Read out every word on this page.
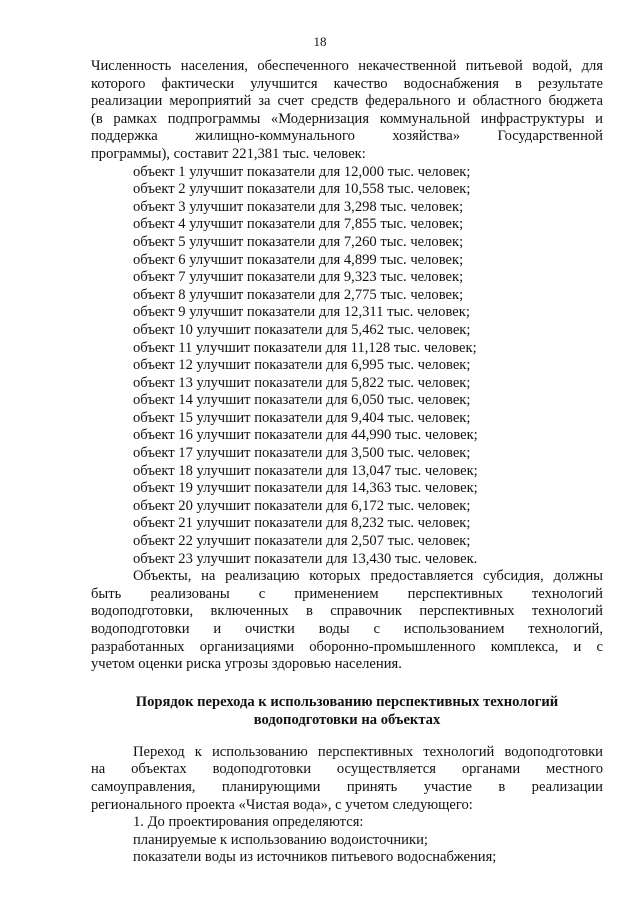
18
Численность населения, обеспеченного некачественной питьевой водой, для
которого фактически улучшится качество водоснабжения в результате
реализации мероприятий за счет средств федерального и областного бюджета
(в рамках подпрограммы «Модернизация коммунальной инфраструктуры и
поддержка жилищно-коммунального хозяйства» Государственной
программы), составит 221,381 тыс. человек:
объект 1 улучшит показатели для 12,000 тыс. человек;
объект 2 улучшит показатели для 10,558 тыс. человек;
объект 3 улучшит показатели для 3,298 тыс. человек;
объект 4 улучшит показатели для 7,855 тыс. человек;
объект 5 улучшит показатели для 7,260 тыс. человек;
объект 6 улучшит показатели для 4,899 тыс. человек;
объект 7 улучшит показатели для 9,323 тыс. человек;
объект 8 улучшит показатели для 2,775 тыс. человек;
объект 9 улучшит показатели для 12,311 тыс. человек;
объект 10 улучшит показатели для 5,462 тыс. человек;
объект 11 улучшит показатели для 11,128 тыс. человек;
объект 12 улучшит показатели для 6,995 тыс. человек;
объект 13 улучшит показатели для 5,822 тыс. человек;
объект 14 улучшит показатели для 6,050 тыс. человек;
объект 15 улучшит показатели для 9,404 тыс. человек;
объект 16 улучшит показатели для 44,990 тыс. человек;
объект 17 улучшит показатели для 3,500 тыс. человек;
объект 18 улучшит показатели для 13,047 тыс. человек;
объект 19 улучшит показатели для 14,363 тыс. человек;
объект 20 улучшит показатели для 6,172 тыс. человек;
объект 21 улучшит показатели для 8,232 тыс. человек;
объект 22 улучшит показатели для 2,507 тыс. человек;
объект 23 улучшит показатели для 13,430 тыс. человек.
Объекты, на реализацию которых предоставляется субсидия, должны
быть реализованы с применением перспективных технологий
водоподготовки, включенных в справочник перспективных технологий
водоподготовки и очистки воды с использованием технологий,
разработанных организациями оборонно-промышленного комплекса, и с
учетом оценки риска угрозы здоровью населения.
Порядок перехода к использованию перспективных технологий
водоподготовки на объектах
Переход к использованию перспективных технологий водоподготовки
на объектах водоподготовки осуществляется органами местного
самоуправления, планирующими принять участие в реализации
регионального проекта «Чистая вода», с учетом следующего:
1. До проектирования определяются:
планируемые к использованию водоисточники;
показатели воды из источников питьевого водоснабжения;
